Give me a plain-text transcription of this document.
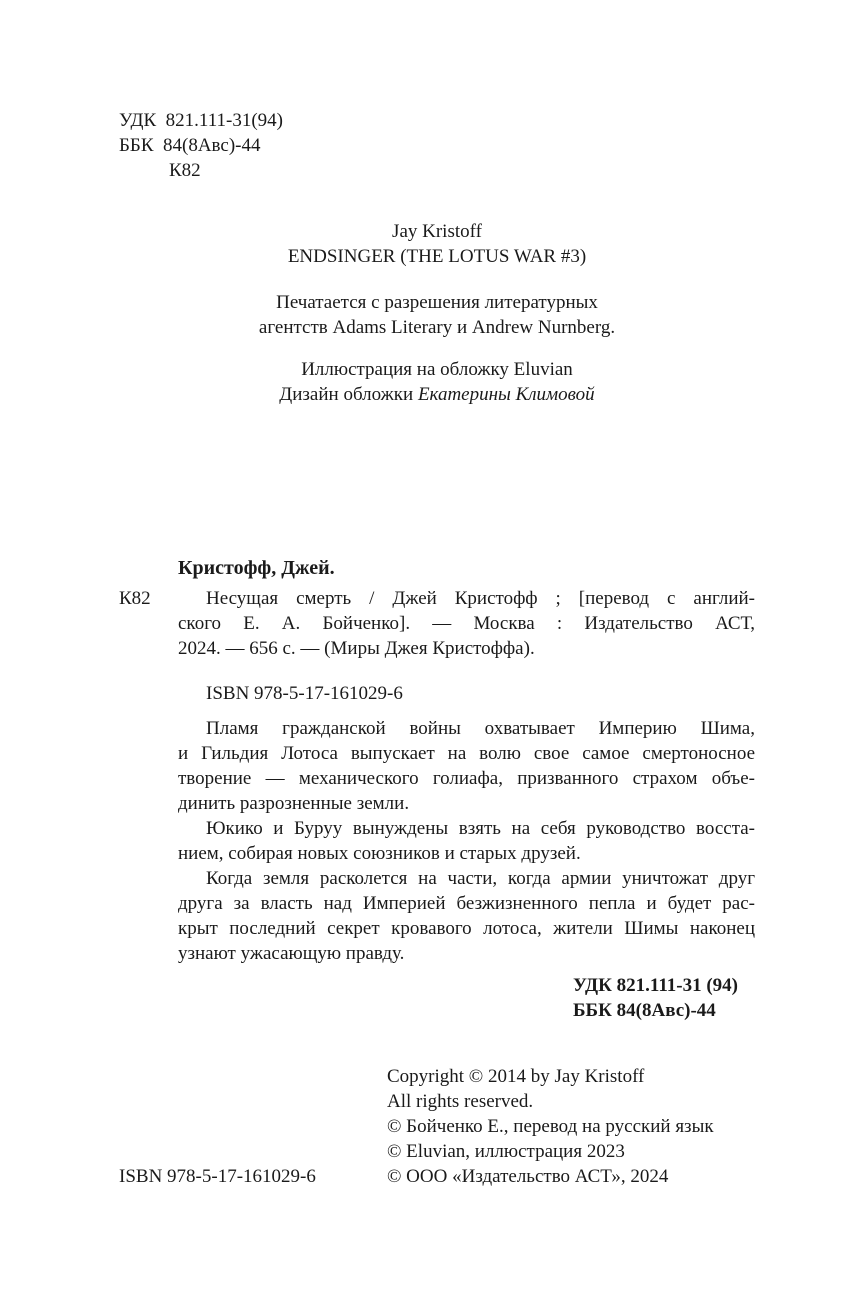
УДК 821.111-31(94)
ББК 84(8Авс)-44
К82
Jay Kristoff
ENDSINGER (THE LOTUS WAR #3)
Печатается с разрешения литературных
агентств Adams Literary и Andrew Nurnberg.
Иллюстрация на обложку Eluvian
Дизайн обложки Екатерины Климовой
Кристофф, Джей.
К82	Несущая смерть / Джей Кристофф ; [перевод с англий-
ского Е. А. Бойченко]. — Москва : Издательство АСТ,
2024. — 656 с. — (Миры Джея Кристоффа).
ISBN 978-5-17-161029-6
Пламя гражданской войны охватывает Империю Шима,
и Гильдия Лотоса выпускает на волю свое самое смертоносное
творение — механического голиафа, призванного страхом объе-
динить разрозненные земли.
Юкико и Буруу вынуждены взять на себя руководство восста-
нием, собирая новых союзников и старых друзей.
Когда земля расколется на части, когда армии уничтожат друг
друга за власть над Империей безжизненного пепла и будет рас-
крыт последний секрет кровавого лотоса, жители Шимы наконец
узнают ужасающую правду.
УДК 821.111-31 (94)
ББК 84(8Авс)-44
Copyright © 2014 by Jay Kristoff
All rights reserved.
© Бойченко Е., перевод на русский язык
© Eluvian, иллюстрация 2023
© ООО «Издательство АСТ», 2024
ISBN 978-5-17-161029-6
